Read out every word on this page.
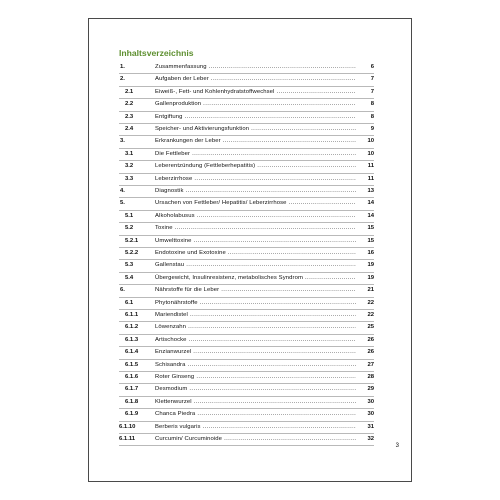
Inhaltsverzeichnis
1.	Zusammenfassung .....	6
2.	Aufgaben der Leber .....	7
2.1	Eiweiß-, Fett- und Kohlenhydratstoffwechsel .....	7
2.2	Gallenproduktion .....	8
2.3	Entgiftung .....	8
2.4	Speicher- und Aktivierungsfunktion .....	9
3.	Erkrankungen der Leber .....	10
3.1	Die Fettleber .....	10
3.2	Leberentzündung (Fettleberhepatitis) .....	11
3.3	Leberzirrhose .....	11
4.	Diagnostik .....	13
5.	Ursachen von Fettleber/ Hepatitis/ Leberzirrhose .....	14
5.1	Alkoholabusus .....	14
5.2	Toxine .....	15
5.2.1	Umwelttoxine .....	15
5.2.2	Endotoxine und Exotoxine .....	16
5.3	Gallenstau .....	19
5.4	Übergewicht, Insulinresistenz, metabolisches Syndrom .....	19
6.	Nährstoffe für die Leber .....	21
6.1	Phytonährstoffe .....	22
6.1.1	Mariendistel .....	22
6.1.2	Löwenzahn .....	25
6.1.3	Artischocke .....	26
6.1.4	Enzianwurzel .....	26
6.1.5	Schisandra .....	27
6.1.6	Roter Ginseng .....	28
6.1.7	Desmodium .....	29
6.1.8	Klettenwurzel .....	30
6.1.9	Chanca Piedra .....	30
6.1.10	Berberis vulgaris .....	31
6.1.11	Curcumin/ Curcuminoide .....	32
3
